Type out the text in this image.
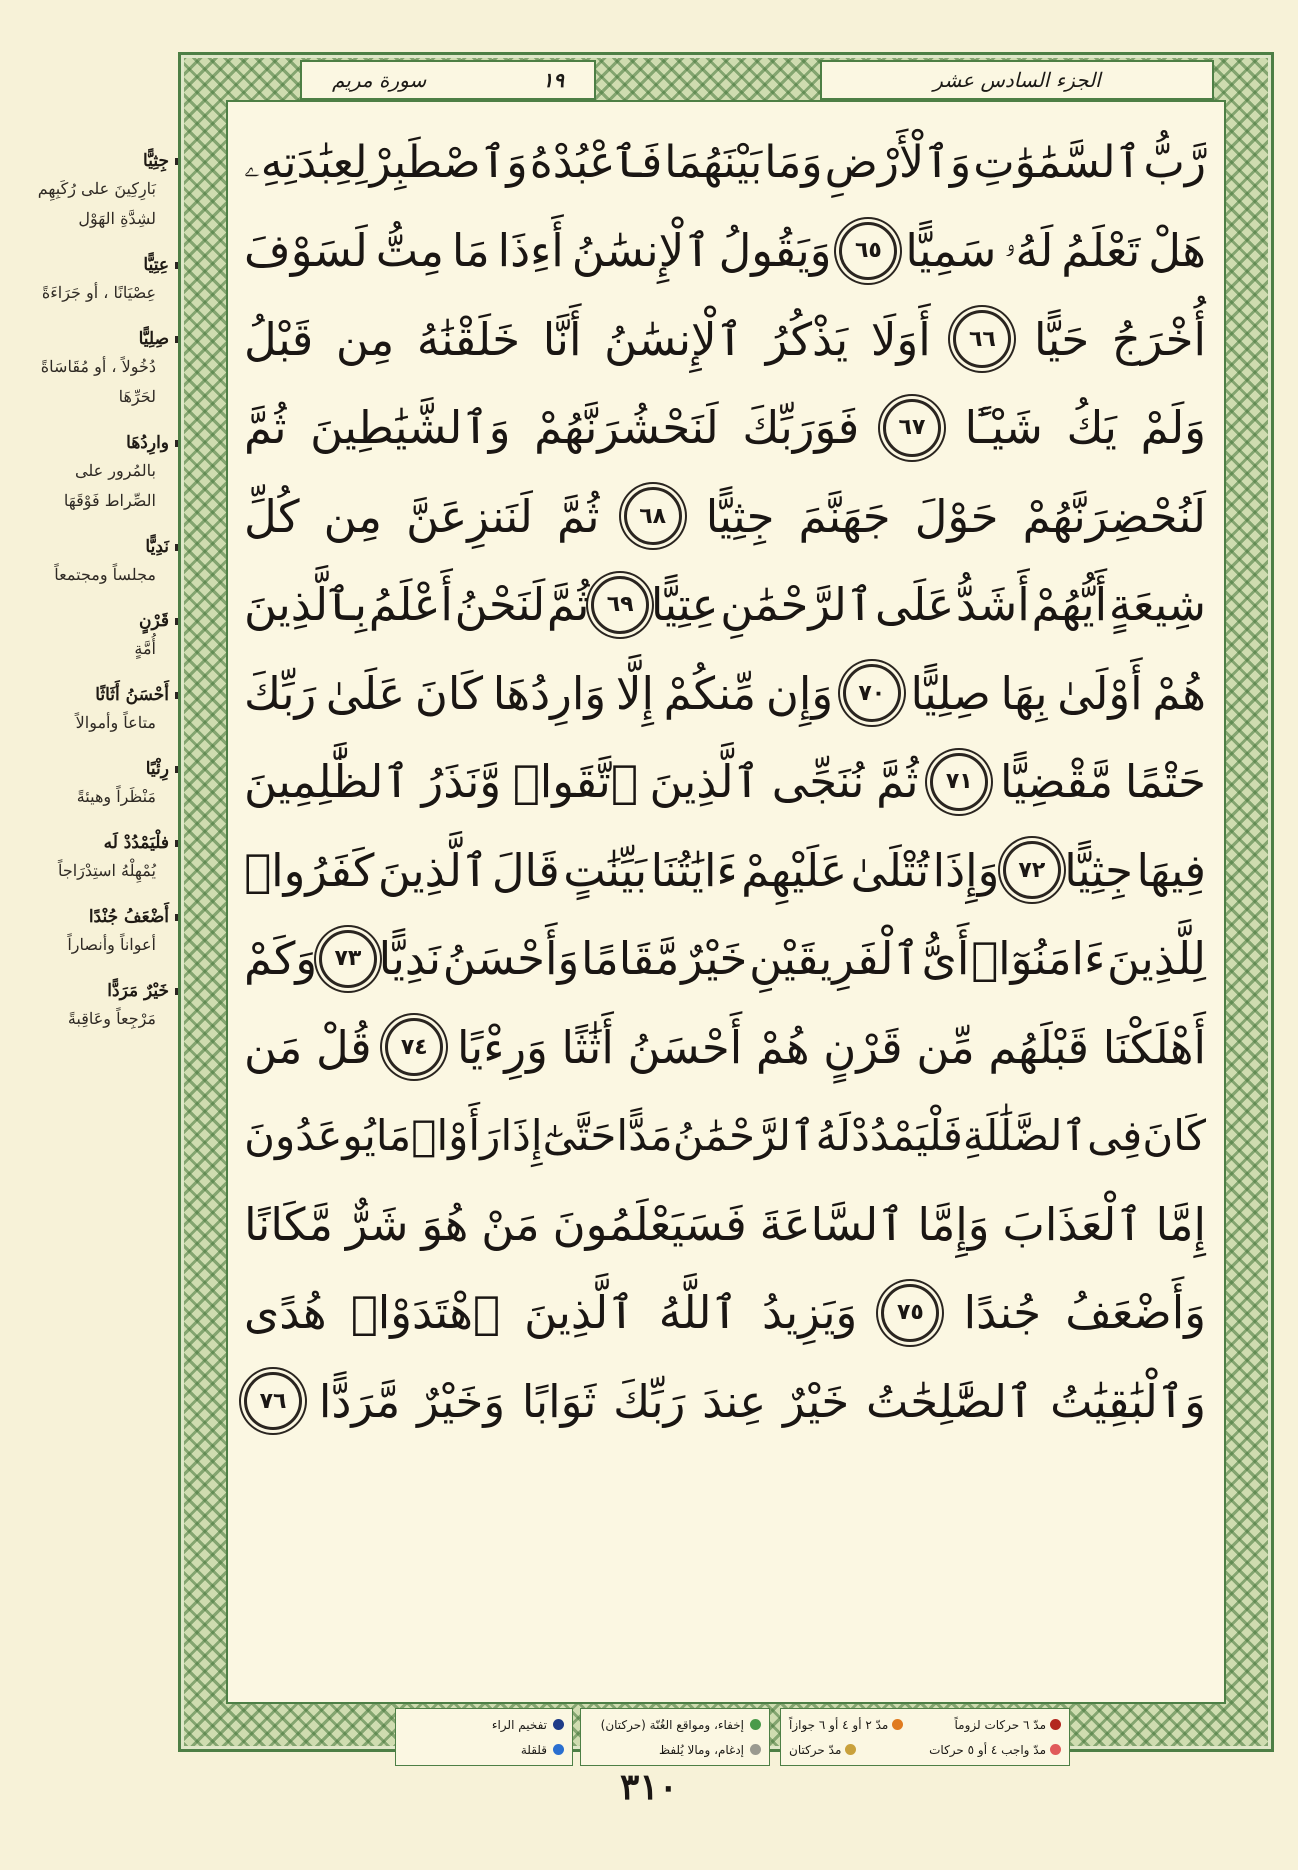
جِثِيًّا
بَارِكِينَ على رُكَبِهِم لشِدَّةِ الهَوْل
عِتِيًّا
عِصْيَانًا ، أو جَرَاءَةً
صِلِيًّا
دُخُولاً ، أو مُقَاسَاةً لحَرِّهَا
وارِدُهَا
بالمُرور على الصِّراط فَوْقَهَا
نَدِيًّا
مجلساً ومجتمعاً
قَرْنٍ
أُمَّةٍ
أَحْسَنُ أَثَاثًا
متاعاً وأموالاً
رِئْيًا
مَنْظَراً وهيئةً
فلْيَمْدُدْ لَه
يُمْهِلْهُ استِدْرَاجاً
أَضْعَفُ جُنْدًا
أعواناً وأنصاراً
خَيْرٌ مَرَدًّا
مَرْجِعاً وعَاقِبةً
الجزء السادس عشر
سورة مريم	١٩
رَّبُّ
ٱلسَّمَٰوَٰتِ
وَٱلْأَرْضِ
وَمَا
بَيْنَهُمَا
فَٱعْبُدْهُ
وَٱصْطَبِرْ
لِعِبَٰدَتِهِۦ
هَلْ
تَعْلَمُ
لَهُۥ
سَمِيًّا
٦٥
وَيَقُولُ
ٱلْإِنسَٰنُ
أَءِذَا
مَا
مِتُّ
لَسَوْفَ
أُخْرَجُ
حَيًّا
٦٦
أَوَلَا
يَذْكُرُ
ٱلْإِنسَٰنُ
أَنَّا
خَلَقْنَٰهُ
مِن
قَبْلُ
وَلَمْ
يَكُ
شَيْـًٔا
٦٧
فَوَرَبِّكَ
لَنَحْشُرَنَّهُمْ
وَٱلشَّيَٰطِينَ
ثُمَّ
لَنُحْضِرَنَّهُمْ
حَوْلَ
جَهَنَّمَ
جِثِيًّا
٦٨
ثُمَّ
لَنَنزِعَنَّ
مِن
كُلِّ
شِيعَةٍ
أَيُّهُمْ
أَشَدُّ
عَلَى
ٱلرَّحْمَٰنِ
عِتِيًّا
٦٩
ثُمَّ
لَنَحْنُ
أَعْلَمُ
بِٱلَّذِينَ
هُمْ
أَوْلَىٰ
بِهَا
صِلِيًّا
٧٠
وَإِن
مِّنكُمْ
إِلَّا
وَارِدُهَا
كَانَ
عَلَىٰ
رَبِّكَ
حَتْمًا
مَّقْضِيًّا
٧١
ثُمَّ
نُنَجِّى
ٱلَّذِينَ
ٱتَّقَوا۟
وَّنَذَرُ
ٱلظَّٰلِمِينَ
فِيهَا
جِثِيًّا
٧٢
وَإِذَا
تُتْلَىٰ
عَلَيْهِمْ
ءَايَٰتُنَا
بَيِّنَٰتٍ
قَالَ
ٱلَّذِينَ
كَفَرُوا۟
لِلَّذِينَ
ءَامَنُوٓا۟
أَىُّ
ٱلْفَرِيقَيْنِ
خَيْرٌ
مَّقَامًا
وَأَحْسَنُ
نَدِيًّا
٧٣
وَكَمْ
أَهْلَكْنَا
قَبْلَهُم
مِّن
قَرْنٍ
هُمْ
أَحْسَنُ
أَثَٰثًا
وَرِءْيًا
٧٤
قُلْ
مَن
كَانَ
فِى
ٱلضَّلَٰلَةِ
فَلْيَمْدُدْ
لَهُ
ٱلرَّحْمَٰنُ
مَدًّا
حَتَّىٰٓ
إِذَا
رَأَوْا۟
مَا
يُوعَدُونَ
إِمَّا
ٱلْعَذَابَ
وَإِمَّا
ٱلسَّاعَةَ
فَسَيَعْلَمُونَ
مَنْ
هُوَ
شَرٌّ
مَّكَانًا
وَأَضْعَفُ
جُندًا
٧٥
وَيَزِيدُ
ٱللَّهُ
ٱلَّذِينَ
ٱهْتَدَوْا۟
هُدًى
وَٱلْبَٰقِيَٰتُ
ٱلصَّٰلِحَٰتُ
خَيْرٌ
عِندَ
رَبِّكَ
ثَوَابًا
وَخَيْرٌ
مَّرَدًّا
٧٦
مدّ ٦ حركات لزوماً
مدّ ٢ أو ٤ أو ٦ جوازاً
مدّ واجب ٤ أو ٥ حركات
مدّ حركتان
إخفاء، ومواقع الغُنّة (حركتان)
إدغام، ومالا يُلفظ
تفخيم الراء
قلقلة
٣١٠
